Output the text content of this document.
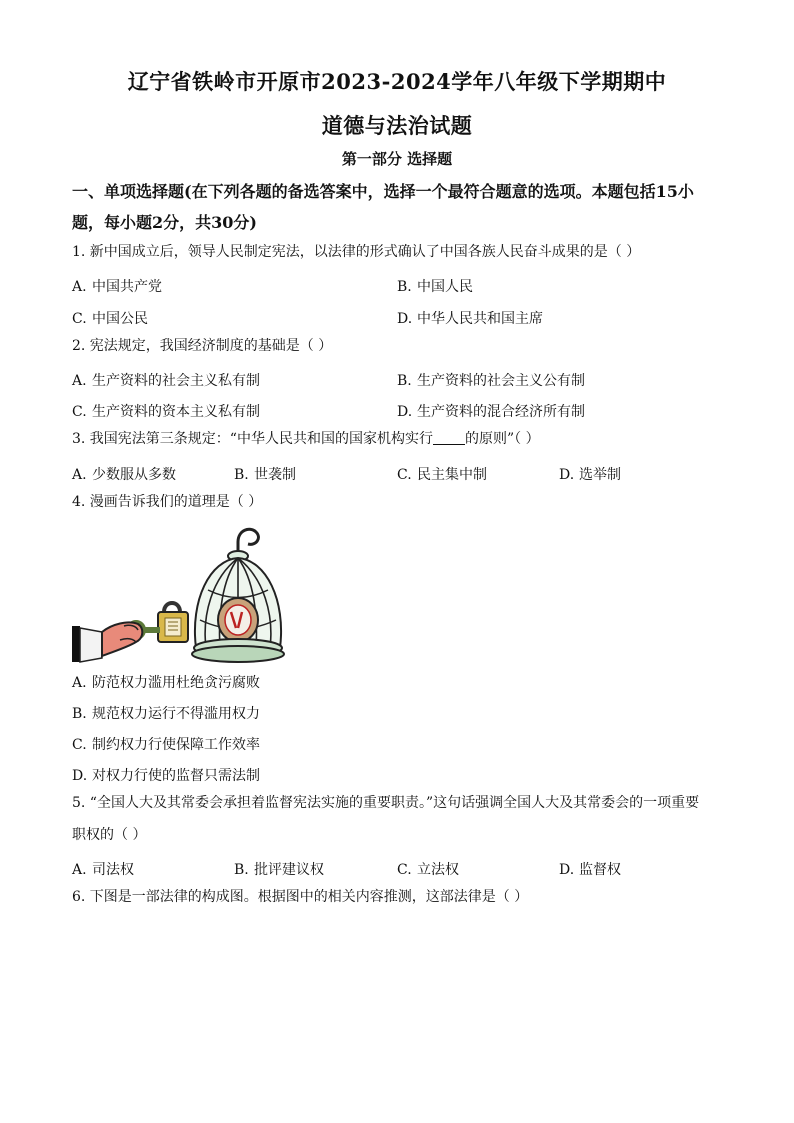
辽宁省铁岭市开原市2023-2024学年八年级下学期期中
道德与法治试题
第一部分 选择题
一、单项选择题(在下列各题的备选答案中，选择一个最符合题意的选项。本题包括15小题，每小题2分，共30分)
1. 新中国成立后，领导人民制定宪法，以法律的形式确认了中国各族人民奋斗成果的是（ ）
A. 中国共产党	B. 中国人民
C. 中国公民	D. 中华人民共和国主席
2. 宪法规定，我国经济制度的基础是（ ）
A. 生产资料的社会主义私有制	B. 生产资料的社会主义公有制
C. 生产资料的资本主义私有制	D. 生产资料的混合经济所有制
3. 我国宪法第三条规定：“中华人民共和国的国家机构实行 的原则”（ ）
A. 少数服从多数	B. 世袭制	C. 民主集中制	D. 选举制
4. 漫画告诉我们的道理是（ ）
A. 防范权力滥用杜绝贪污腐败
B. 规范权力运行不得滥用权力
C. 制约权力行使保障工作效率
D. 对权力行使的监督只需法制
5. “全国人大及其常委会承担着监督宪法实施的重要职责。”这句话强调全国人大及其常委会的一项重要
职权的（ ）
A. 司法权	B. 批评建议权	C. 立法权	D. 监督权
6. 下图是一部法律的构成图。根据图中的相关内容推测，这部法律是（ ）
